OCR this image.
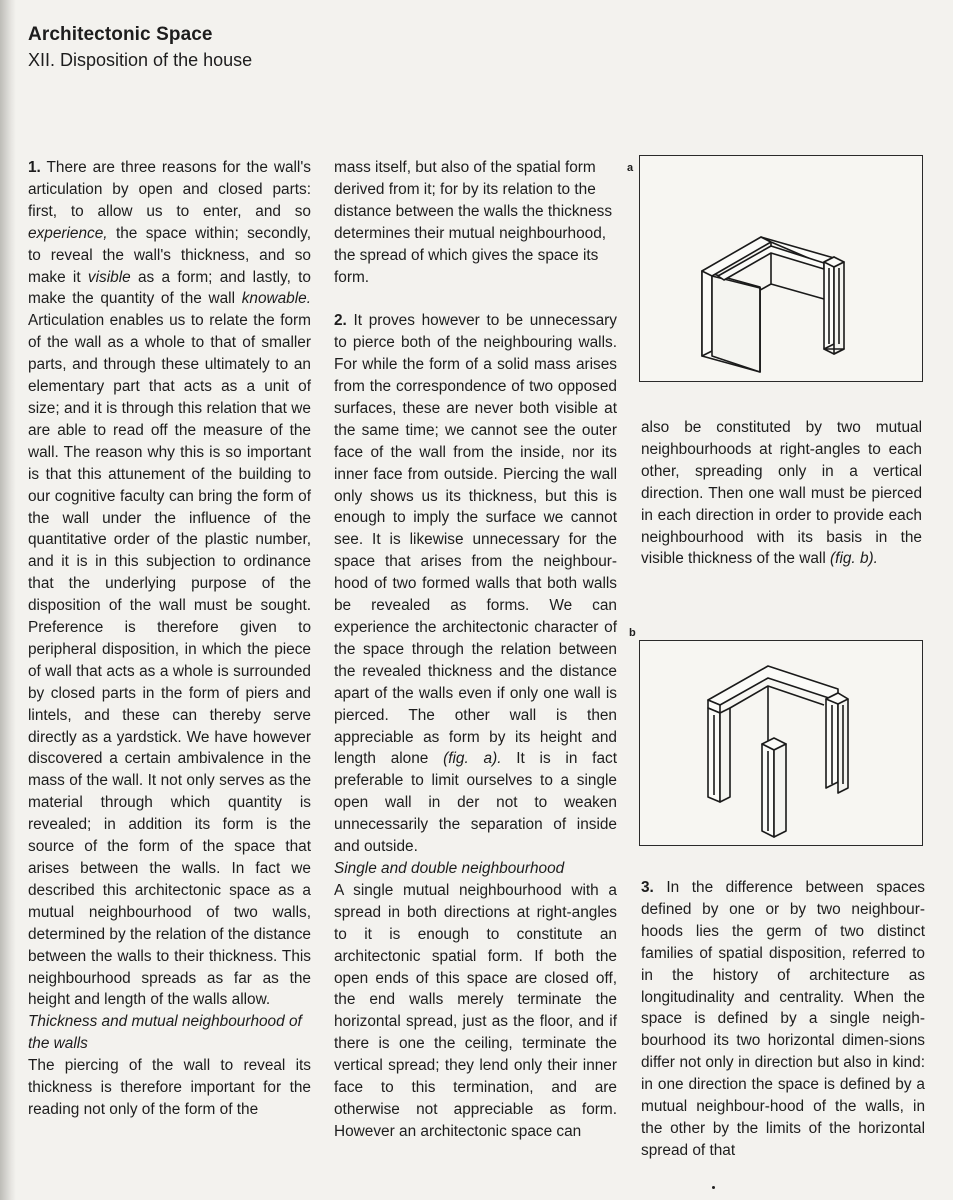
Architectonic Space
XII. Disposition of the house

1. There are three reasons for the wall's articulation by open and closed parts: first, to allow us to enter, and so experience, the space within; secondly, to reveal the wall's thickness, and so make it visible as a form; and lastly, to make the quantity of the wall knowable. Articulation enables us to relate the form of the wall as a whole to that of smaller parts, and through these ultimately to an elementary part that acts as a unit of size; and it is through this relation that we are able to read off the measure of the wall. The reason why this is so important is that this attunement of the building to our cognitive faculty can bring the form of the wall under the influence of the quantitative order of the plastic number, and it is in this subjection to ordinance that the underlying purpose of the disposition of the wall must be sought. Preference is therefore given to peripheral disposition, in which the piece of wall that acts as a whole is surrounded by closed parts in the form of piers and lintels, and these can thereby serve directly as a yardstick. We have however discovered a certain ambivalence in the mass of the wall. It not only serves as the material through which quantity is revealed; in addition its form is the source of the form of the space that arises between the walls. In fact we described this architectonic space as a mutual neighbourhood of two walls, determined by the relation of the distance between the walls to their thickness. This neighbourhood spreads as far as the height and length of the walls allow.

Thickness and mutual neighbourhood of the walls

The piercing of the wall to reveal its thickness is therefore important for the reading not only of the form of the

mass itself, but also of the spatial form derived from it; for by its relation to the distance between the walls the thickness determines their mutual neighbourhood, the spread of which gives the space its form.

2. It proves however to be unnecessary to pierce both of the neighbouring walls. For while the form of a solid mass arises from the correspondence of two opposed surfaces, these are never both visible at the same time; we cannot see the outer face of the wall from the inside, nor its inner face from outside. Piercing the wall only shows us its thickness, but this is enough to imply the surface we cannot see. It is likewise unnecessary for the space that arises from the neighbour-hood of two formed walls that both walls be revealed as forms. We can experience the architectonic character of the space through the relation between the revealed thickness and the distance apart of the walls even if only one wall is pierced. The other wall is then appreciable as form by its height and length alone (fig. a). It is in fact preferable to limit ourselves to a single open wall in der not to weaken unnecessarily the separation of inside and outside.

Single and double neighbourhood

A single mutual neighbourhood with a spread in both directions at right-angles to it is enough to constitute an architectonic spatial form. If both the open ends of this space are closed off, the end walls merely terminate the horizontal spread, just as the floor, and if there is one the ceiling, terminate the vertical spread; they lend only their inner face to this termination, and are otherwise not appreciable as form. However an architectonic space can

a

also be constituted by two mutual neighbourhoods at right-angles to each other, spreading only in a vertical direction. Then one wall must be pierced in each direction in order to provide each neighbourhood with its basis in the visible thickness of the wall (fig. b).

b

3. In the difference between spaces defined by one or by two neighbour-hoods lies the germ of two distinct families of spatial disposition, referred to in the history of architecture as longitudinality and centrality. When the space is defined by a single neigh-bourhood its two horizontal dimen-sions differ not only in direction but also in kind: in one direction the space is defined by a mutual neighbour-hood of the walls, in the other by the limits of the horizontal spread of that
